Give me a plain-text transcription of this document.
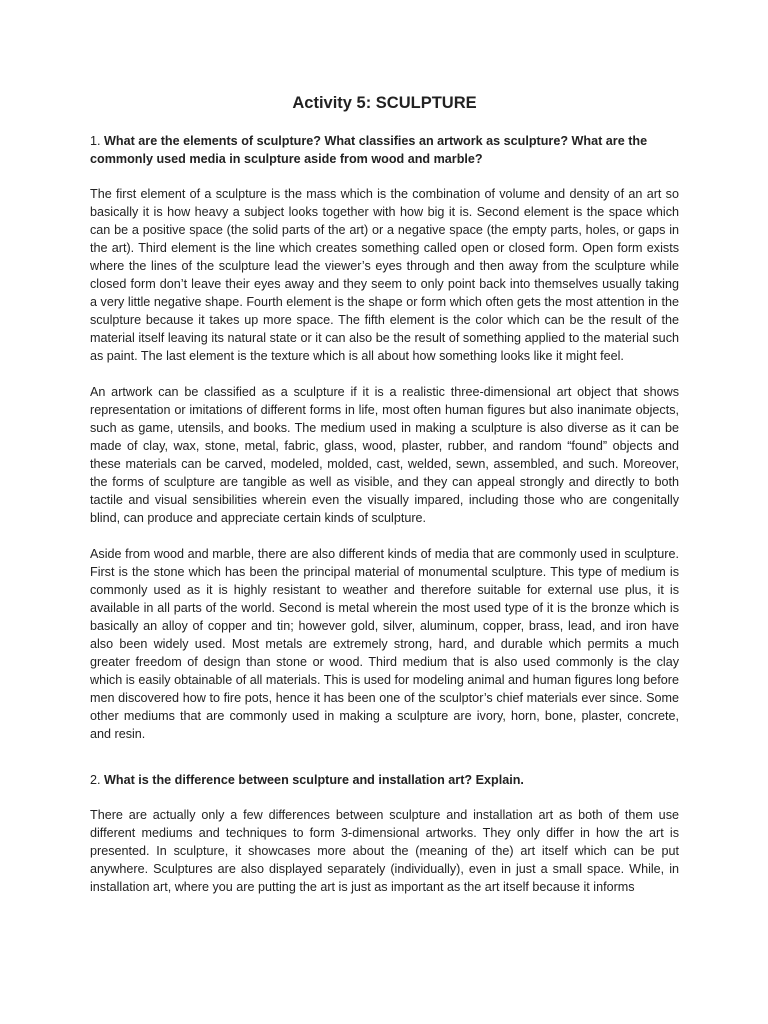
Activity 5: SCULPTURE

1. What are the elements of sculpture? What classifies an artwork as sculpture? What are the commonly used media in sculpture aside from wood and marble?

The first element of a sculpture is the mass which is the combination of volume and density of an art so basically it is how heavy a subject looks together with how big it is. Second element is the space which can be a positive space (the solid parts of the art) or a negative space (the empty parts, holes, or gaps in the art). Third element is the line which creates something called open or closed form. Open form exists where the lines of the sculpture lead the viewer’s eyes through and then away from the sculpture while closed form don’t leave their eyes away and they seem to only point back into themselves usually taking a very little negative shape. Fourth element is the shape or form which often gets the most attention in the sculpture because it takes up more space. The fifth element is the color which can be the result of the material itself leaving its natural state or it can also be the result of something applied to the material such as paint. The last element is the texture which is all about how something looks like it might feel.

An artwork can be classified as a sculpture if it is a realistic three-dimensional art object that shows representation or imitations of different forms in life, most often human figures but also inanimate objects, such as game, utensils, and books. The medium used in making a sculpture is also diverse as it can be made of clay, wax, stone, metal, fabric, glass, wood, plaster, rubber, and random “found” objects and these materials can be carved, modeled, molded, cast, welded, sewn, assembled, and such. Moreover, the forms of sculpture are tangible as well as visible, and they can appeal strongly and directly to both tactile and visual sensibilities wherein even the visually impared, including those who are congenitally blind, can produce and appreciate certain kinds of sculpture.

Aside from wood and marble, there are also different kinds of media that are commonly used in sculpture. First is the stone which has been the principal material of monumental sculpture. This type of medium is commonly used as it is highly resistant to weather and therefore suitable for external use plus, it is available in all parts of the world. Second is metal wherein the most used type of it is the bronze which is basically an alloy of copper and tin; however gold, silver, aluminum, copper, brass, lead, and iron have also been widely used. Most metals are extremely strong, hard, and durable which permits a much greater freedom of design than stone or wood. Third medium that is also used commonly is the clay which is easily obtainable of all materials. This is used for modeling animal and human figures long before men discovered how to fire pots, hence it has been one of the sculptor’s chief materials ever since. Some other mediums that are commonly used in making a sculpture are ivory, horn, bone, plaster, concrete, and resin.

2. What is the difference between sculpture and installation art? Explain.

There are actually only a few differences between sculpture and installation art as both of them use different mediums and techniques to form 3-dimensional artworks. They only differ in how the art is presented. In sculpture, it showcases more about the (meaning of the) art itself which can be put anywhere. Sculptures are also displayed separately (individually), even in just a small space. While, in installation art, where you are putting the art is just as important as the art itself because it informs
